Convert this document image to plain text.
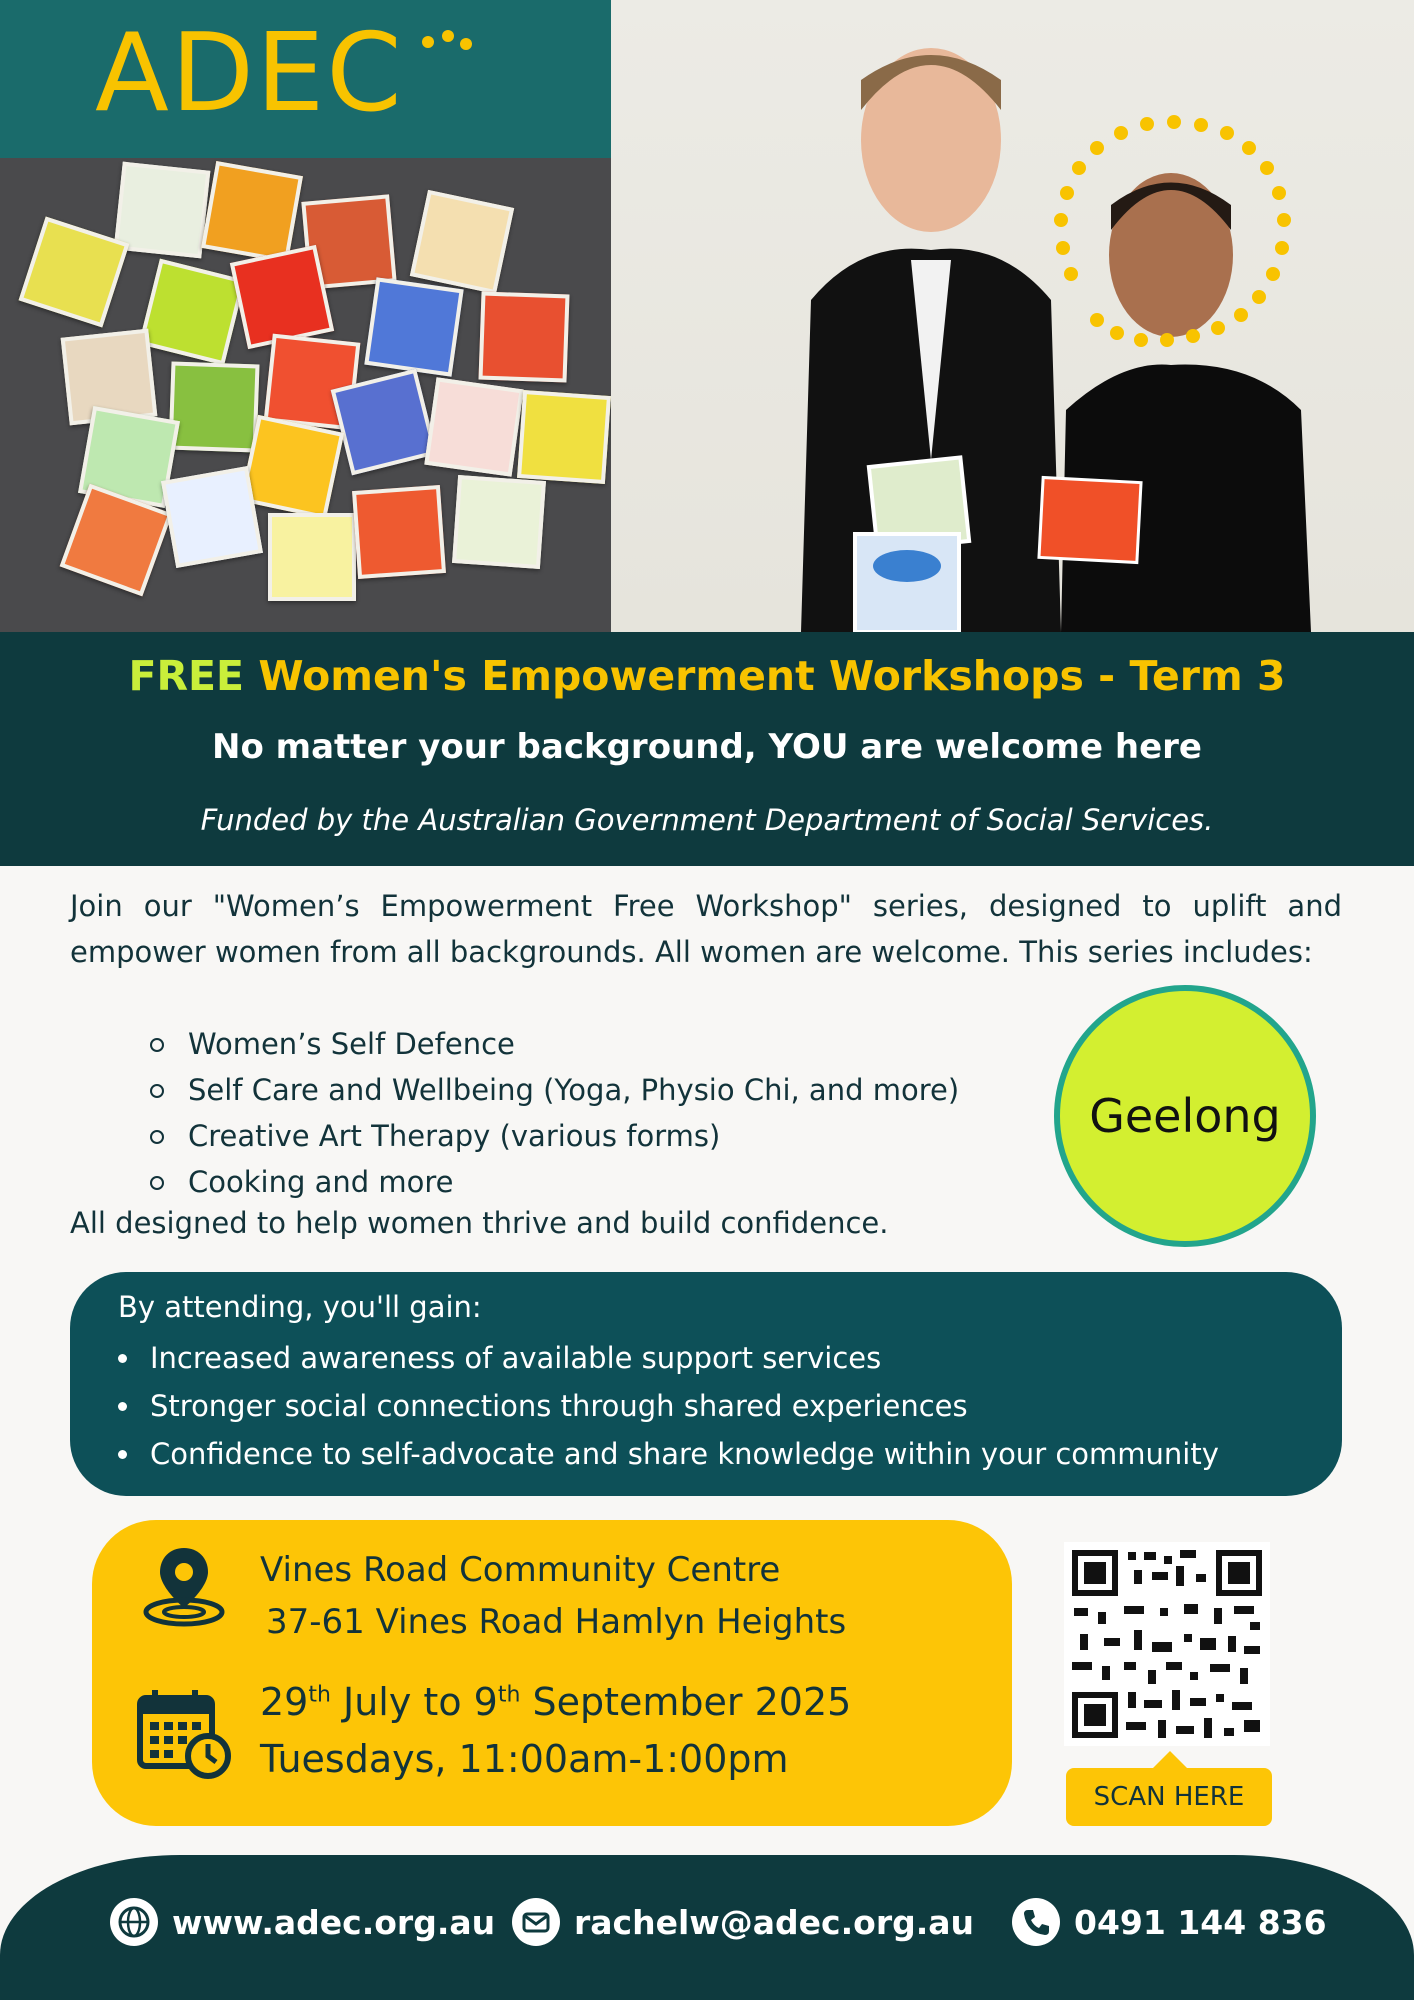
ADEC
FREE Women's Empowerment Workshops - Term 3
No matter your background, YOU are welcome here
Funded by the Australian Government Department of Social Services.
Join our "Women’s Empowerment Free Workshop" series, designed to uplift and empower women from all backgrounds. All women are welcome. This series includes:
Women’s Self Defence
Self Care and Wellbeing (Yoga, Physio Chi, and more)
Creative Art Therapy (various forms)
Cooking and more
All designed to help women thrive and build confidence.
Geelong
By attending, you'll gain:
Increased awareness of available support services
Stronger social connections through shared experiences
Confidence to self-advocate and share knowledge within your community
Vines Road Community Centre
37-61 Vines Road Hamlyn Heights
29th July to 9th September 2025
Tuesdays, 11:00am-1:00pm
SCAN HERE
www.adec.org.au rachelw@adec.org.au	0491 144 836
